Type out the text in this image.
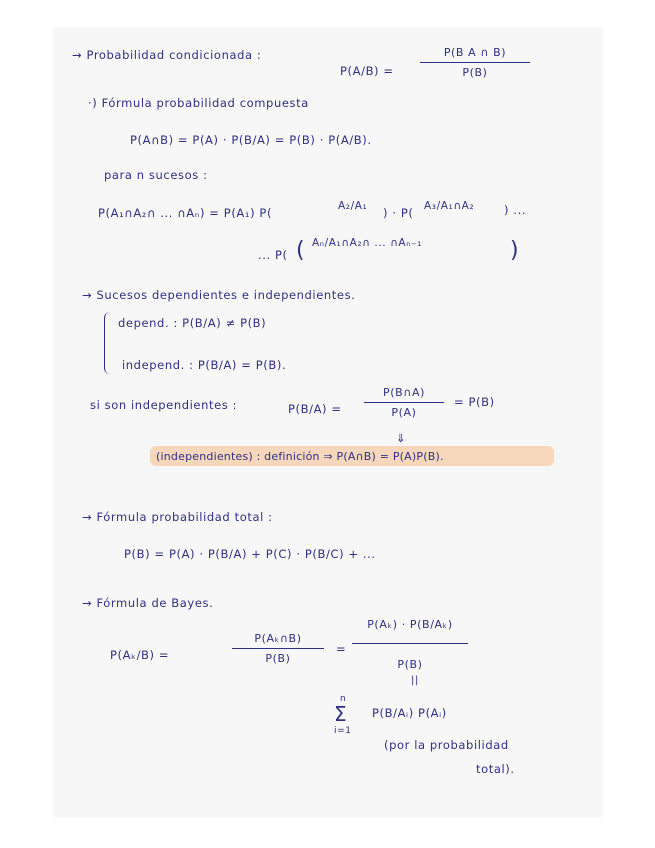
→ Probabilidad condicionada :
P(A/B) =
P(B A ∩ B)
P(B)
·) Fórmula probabilidad compuesta
P(A∩B) = P(A) · P(B/A) = P(B) · P(A/B).
para n sucesos :
P(A₁∩A₂∩ ... ∩Aₙ) = P(A₁) P(	A₂/A₁ ) · P( A₃/A₁∩A₂	) ...
... P( ( Aₙ/A₁∩A₂∩ ... ∩Aₙ₋₁	)
→ Sucesos dependientes e independientes.
depend. : P(B/A) ≠ P(B)
independ. : P(B/A) = P(B).
si son independientes :	P(B/A) =
P(B∩A)
P(A)
= P(B)
⇓
(independientes) : definición ⇒ P(A∩B) = P(A)P(B).
→ Fórmula probabilidad total :
P(B) = P(A) · P(B/A) + P(C) · P(B/C) + ...
→ Fórmula de Bayes.
P(Aₖ/B) =
P(Aₖ∩B)
P(B)
=
P(Aₖ) · P(B/Aₖ)
P(B)
||
n
Σ
i=1
P(B/Aᵢ) P(Aᵢ)
(por la probabilidad
total).
